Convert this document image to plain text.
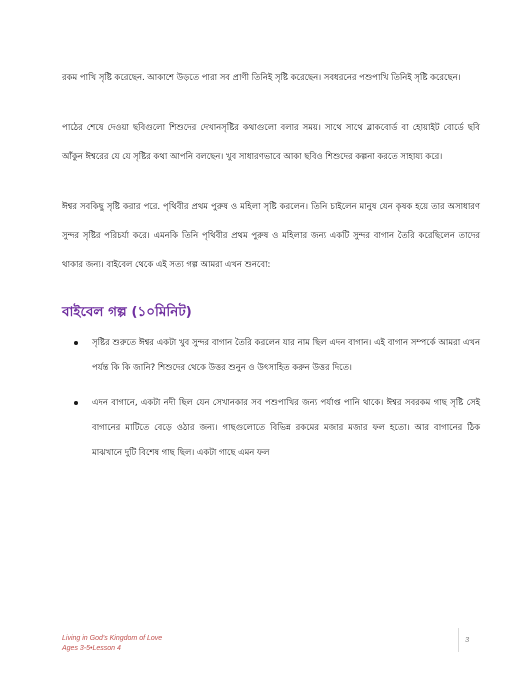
রকম পাখি সৃষ্টি করেছেন. আকাশে উড়তে পারা সব প্রাণী তিনিই সৃষ্টি করেছেন। সবধরনের পশুপাখি তিনিই সৃষ্টি করেছেন।

পাঠের শেষে দেওয়া ছবিগুলো শিশুদের দেখানসৃষ্টির কথাগুলো বলার সময়। সাথে সাথে ব্লাকবোর্ড বা হোয়াইট বোর্ডে ছবি আঁকুন ঈশ্বরের যে যে সৃষ্টির কথা আপনি বলছেন। খুব সাধারণভাবে আকা ছবিও শিশুদের কল্পনা করতে সাহায্য করে।

ঈশ্বর সবকিছু সৃষ্টি করার পরে. পৃথিবীর প্রথম পুরুষ ও মহিলা সৃষ্টি করলেন। তিনি চাইলেন মানুষ যেন কৃষক হয়ে তার অসাধারণ সুন্দর সৃষ্টির পরিচর্যা করে। এমনকি তিনি পৃথিবীর প্রথম পুরুষ ও মহিলার জন্য একটি সুন্দর বাগান তৈরি করেছিলেন তাদের থাকার জন্য। বাইবেল থেকে এই সত্য গল্প আমরা এখন শুনবো:

বাইবেল গল্প (১০মিনিট)
সৃষ্টির শুরুতে ঈশ্বর একটা খুব সুন্দর বাগান তৈরি করলেন যার নাম ছিল এদন বাগান। এই বাগান সম্পর্কে আমরা এখন পর্যন্ত কি কি জানি? শিশুদের থেকে উত্তর শুনুন ও উৎসাহিত করুন উত্তর দিতে।
এদন বাগানে, একটা নদী ছিল যেন সেখানকার সব পশুপাখির জন্য পর্যাপ্ত পানি থাকে। ঈশ্বর সবরকম গাছ সৃষ্টি সেই বাগানের মাটিতে বেড়ে ওঠার জন্য। গাছগুলোতে বিভিন্ন রকমের মজার মজার ফল হতো। আর বাগানের ঠিক মাঝখানে দুটি বিশেষ গাছ ছিল। একটা গাছে এমন ফল
Living in God's Kingdom of Love
Ages 3-5•Lesson 4
3
